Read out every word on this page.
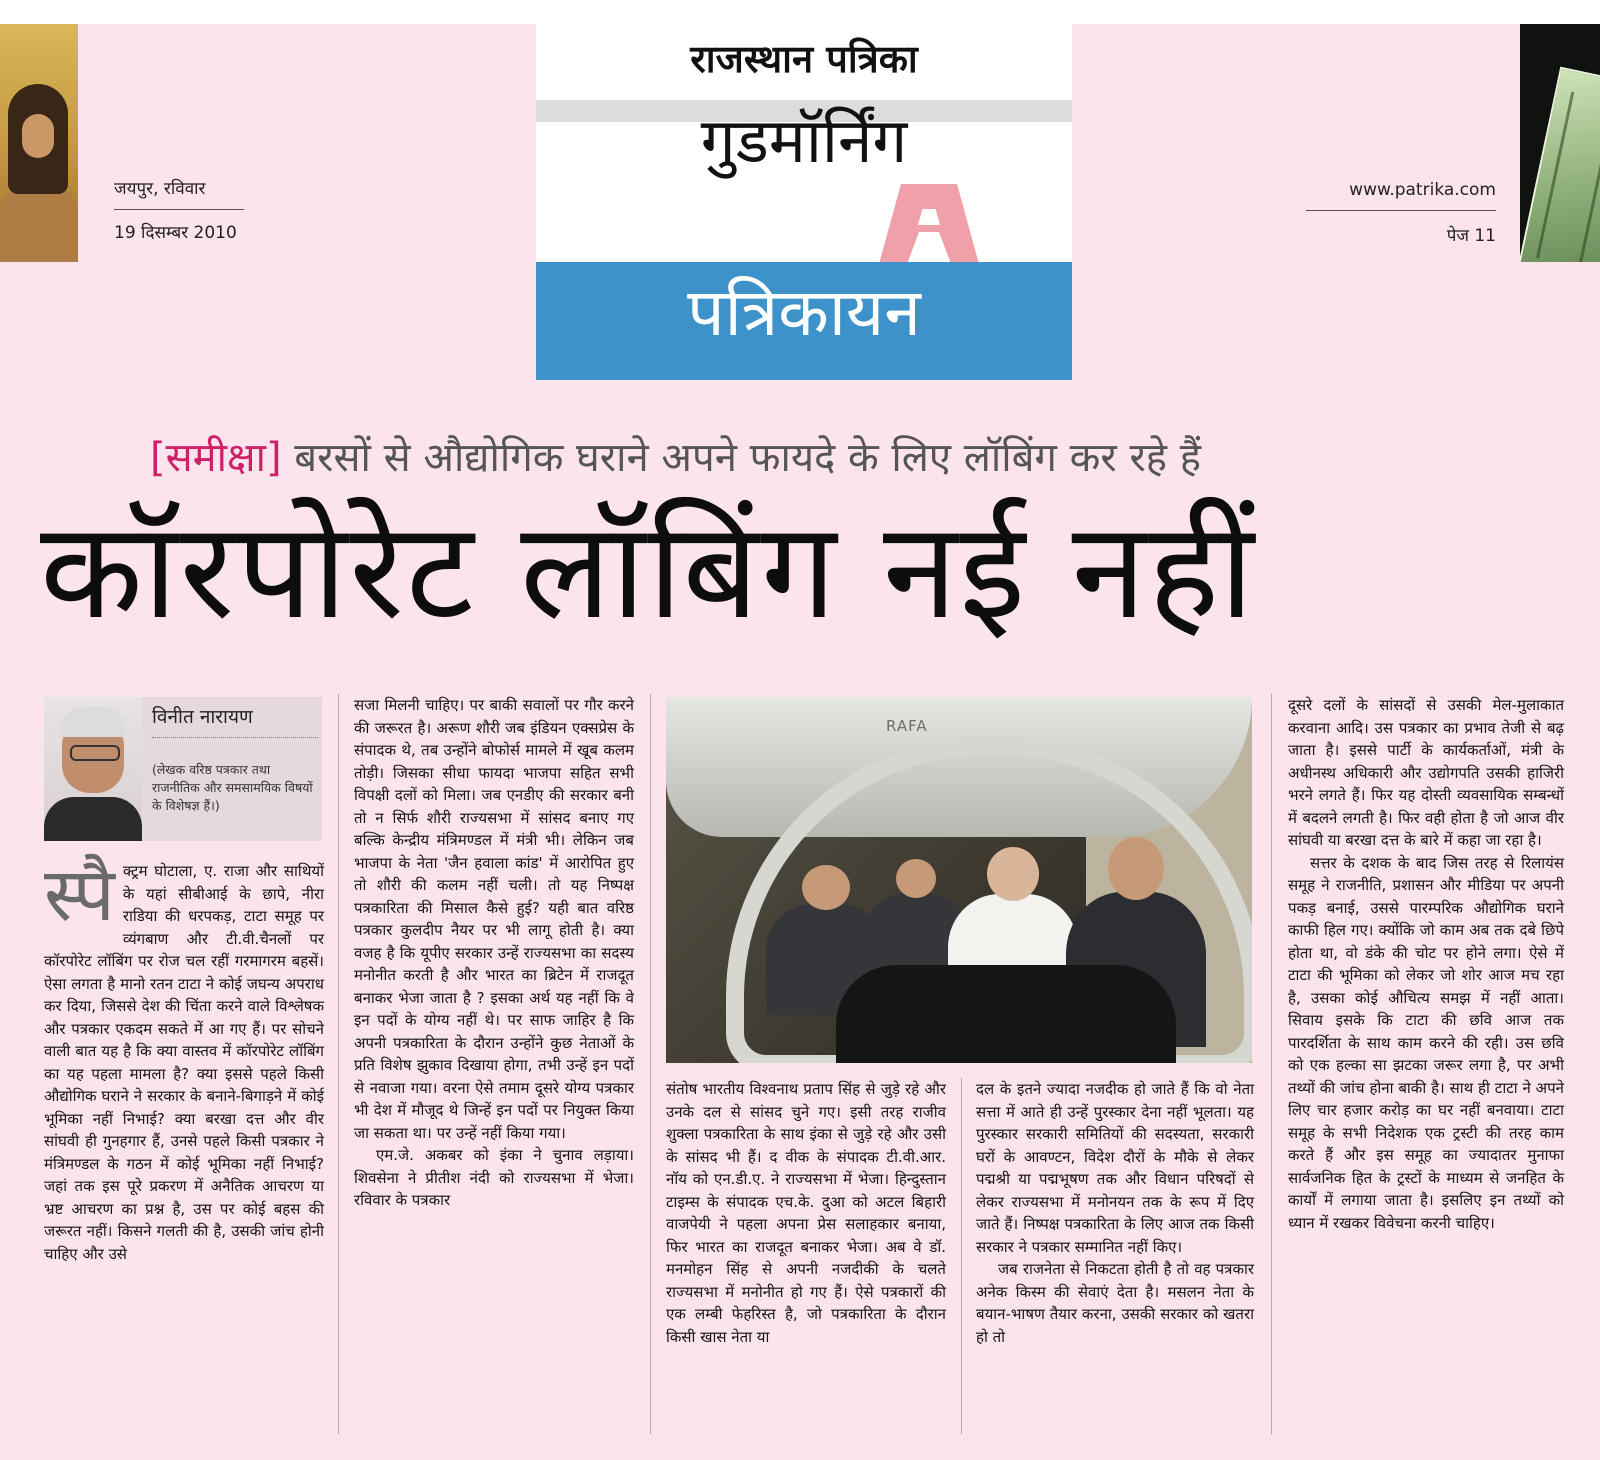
राजस्थान पत्रिका
गुडमॉर्निंग
पत्रिकायन
जयपुर, रविवार
19 दिसम्बर 2010
www.patrika.com
पेज 11
[समीक्षा] बरसों से औद्योगिक घराने अपने फायदे के लिए लॉबिंग कर रहे हैं
कॉरपोरेट लॉबिंग नई नहीं
विनीत नारायण
(लेखक वरिष्ठ पत्रकार तथा राजनीतिक और समसामयिक विषयों के विशेषज्ञ हैं।)

स्पै क्ट्रम घोटाला, ए. राजा और साथियों के यहां सीबीआई के छापे, नीरा राडिया की धरपकड़, टाटा समूह पर व्यंगबाण और टी.वी.चैनलों पर कॉरपोरेट लॉबिंग पर रोज चल रहीं गरमागरम बहसें। ऐसा लगता है मानो रतन टाटा ने कोई जघन्य अपराध कर दिया, जिससे देश की चिंता करने वाले विश्लेषक और पत्रकार एकदम सकते में आ गए हैं। पर सोचने वाली बात यह है कि क्या वास्तव में कॉरपोरेट लॉबिंग का यह पहला मामला है? क्या इससे पहले किसी औद्योगिक घराने ने सरकार के बनाने-बिगाड़ने में कोई भूमिका नहीं निभाई? क्या बरखा दत्त और वीर सांघवी ही गुनहगार हैं, उनसे पहले किसी पत्रकार ने मंत्रिमण्डल के गठन में कोई भूमिका नहीं निभाई? जहां तक इस पूरे प्रकरण में अनैतिक आचरण या भ्रष्ट आचरण का प्रश्न है, उस पर कोई बहस की जरूरत नहीं। किसने गलती की है, उसकी जांच होनी चाहिए और उसे

सजा मिलनी चाहिए। पर बाकी सवालों पर गौर करने की जरूरत है। अरूण शौरी जब इंडियन एक्सप्रेस के संपादक थे, तब उन्होंने बोफोर्स मामले में खूब कलम तोड़ी। जिसका सीधा फायदा भाजपा सहित सभी विपक्षी दलों को मिला। जब एनडीए की सरकार बनी तो न सिर्फ शौरी राज्यसभा में सांसद बनाए गए बल्कि केन्द्रीय मंत्रिमण्डल में मंत्री भी। लेकिन जब भाजपा के नेता 'जैन हवाला कांड' में आरोपित हुए तो शौरी की कलम नहीं चली। तो यह निष्पक्ष पत्रकारिता की मिसाल कैसे हुई? यही बात वरिष्ठ पत्रकार कुलदीप नैयर पर भी लागू होती है। क्या वजह है कि यूपीए सरकार उन्हें राज्यसभा का सदस्य मनोनीत करती है और भारत का ब्रिटेन में राजदूत बनाकर भेजा जाता है ? इसका अर्थ यह नहीं कि वे इन पदों के योग्य नहीं थे। पर साफ जाहिर है कि अपनी पत्रकारिता के दौरान उन्होंने कुछ नेताओं के प्रति विशेष झुकाव दिखाया होगा, तभी उन्हें इन पदों से नवाजा गया। वरना ऐसे तमाम दूसरे योग्य पत्रकार भी देश में मौजूद थे जिन्हें इन पदों पर नियुक्त किया जा सकता था। पर उन्हें नहीं किया गया।

एम.जे. अकबर को इंका ने चुनाव लड़ाया। शिवसेना ने प्रीतीश नंदी को राज्यसभा में भेजा। रविवार के पत्रकार

RAFA

संतोष भारतीय विश्वनाथ प्रताप सिंह से जुड़े रहे और उनके दल से सांसद चुने गए। इसी तरह राजीव शुक्ला पत्रकारिता के साथ इंका से जुड़े रहे और उसी के सांसद भी हैं। द वीक के संपादक टी.वी.आर. नॉय को एन.डी.ए. ने राज्यसभा में भेजा। हिन्दुस्तान टाइम्स के संपादक एच.के. दुआ को अटल बिहारी वाजपेयी ने पहला अपना प्रेस सलाहकार बनाया, फिर भारत का राजदूत बनाकर भेजा। अब वे डॉ. मनमोहन सिंह से अपनी नजदीकी के चलते राज्यसभा में मनोनीत हो गए हैं। ऐसे पत्रकारों की एक लम्बी फेहरिस्त है, जो पत्रकारिता के दौरान किसी खास नेता या

दल के इतने ज्यादा नजदीक हो जाते हैं कि वो नेता सत्ता में आते ही उन्हें पुरस्कार देना नहीं भूलता। यह पुरस्कार सरकारी समितियों की सदस्यता, सरकारी घरों के आवण्टन, विदेश दौरों के मौके से लेकर पद्मश्री या पद्मभूषण तक और विधान परिषदों से लेकर राज्यसभा में मनोनयन तक के रूप में दिए जाते हैं। निष्पक्ष पत्रकारिता के लिए आज तक किसी सरकार ने पत्रकार सम्मानित नहीं किए।

जब राजनेता से निकटता होती है तो वह पत्रकार अनेक किस्म की सेवाएं देता है। मसलन नेता के बयान-भाषण तैयार करना, उसकी सरकार को खतरा हो तो

दूसरे दलों के सांसदों से उसकी मेल-मुलाकात करवाना आदि। उस पत्रकार का प्रभाव तेजी से बढ़ जाता है। इससे पार्टी के कार्यकर्ताओं, मंत्री के अधीनस्थ अधिकारी और उद्योगपति उसकी हाजिरी भरने लगते हैं। फिर यह दोस्ती व्यवसायिक सम्बन्धों में बदलने लगती है। फिर वही होता है जो आज वीर सांघवी या बरखा दत्त के बारे में कहा जा रहा है।

सत्तर के दशक के बाद जिस तरह से रिलायंस समूह ने राजनीति, प्रशासन और मीडिया पर अपनी पकड़ बनाई, उससे पारम्परिक औद्योगिक घराने काफी हिल गए। क्योंकि जो काम अब तक दबे छिपे होता था, वो डंके की चोट पर होने लगा। ऐसे में टाटा की भूमिका को लेकर जो शोर आज मच रहा है, उसका कोई औचित्य समझ में नहीं आता। सिवाय इसके कि टाटा की छवि आज तक पारदर्शिता के साथ काम करने की रही। उस छवि को एक हल्का सा झटका जरूर लगा है, पर अभी तथ्यों की जांच होना बाकी है। साथ ही टाटा ने अपने लिए चार हजार करोड़ का घर नहीं बनवाया। टाटा समूह के सभी निदेशक एक ट्रस्टी की तरह काम करते हैं और इस समूह का ज्यादातर मुनाफा सार्वजनिक हित के ट्रस्टों के माध्यम से जनहित के कार्यों में लगाया जाता है। इसलिए इन तथ्यों को ध्यान में रखकर विवेचना करनी चाहिए।
